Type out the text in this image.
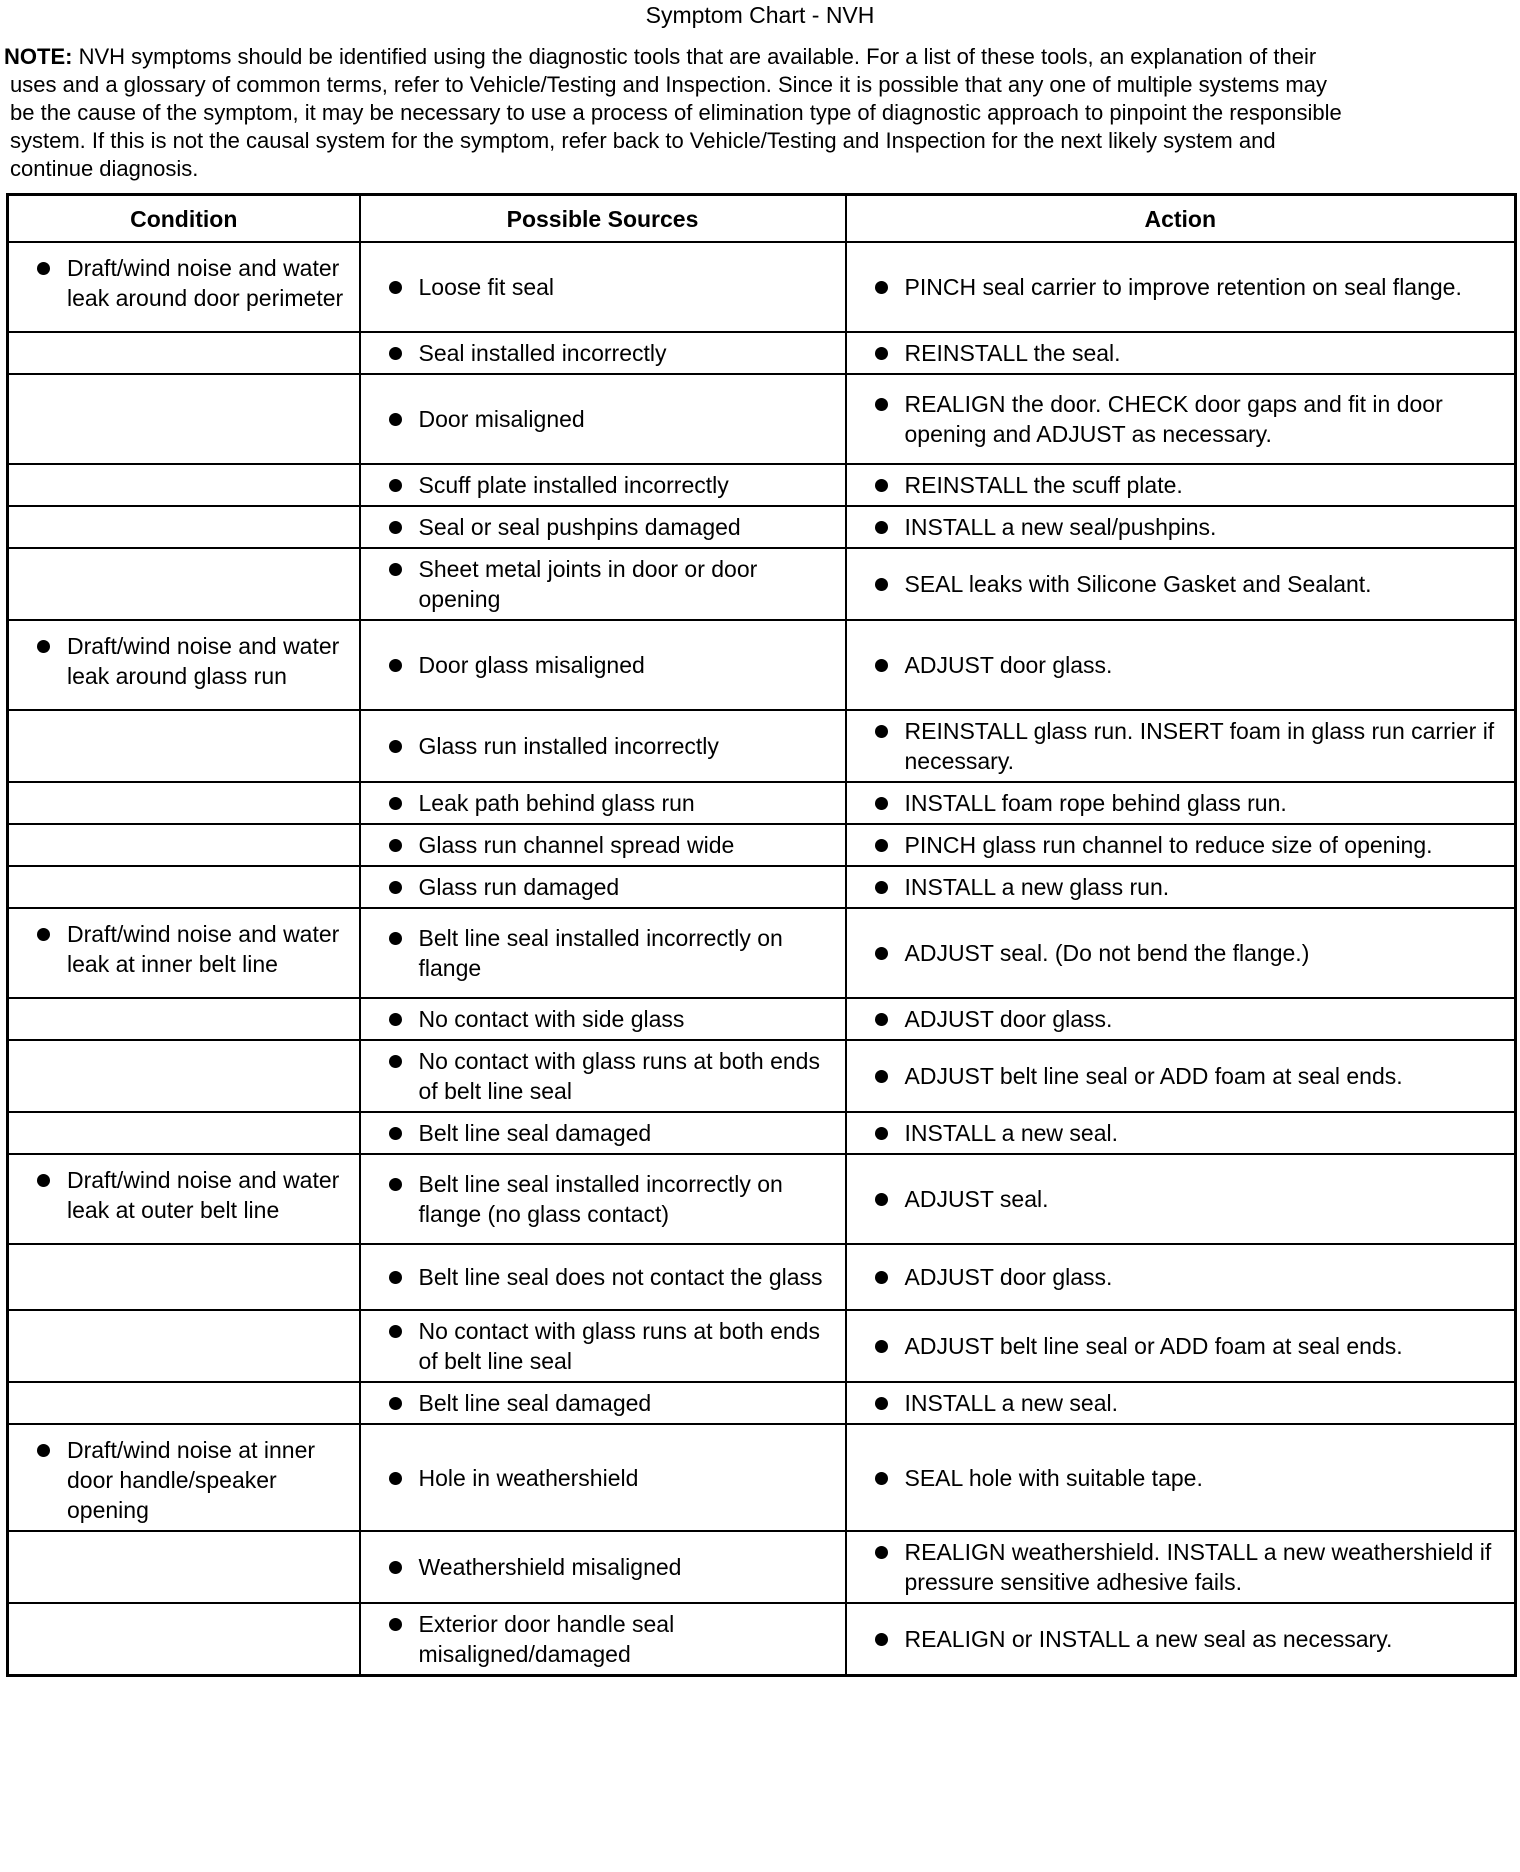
Symptom Chart - NVH
NOTE: NVH symptoms should be identified using the diagnostic tools that are available. For a list of these tools, an explanation of their
uses and a glossary of common terms, refer to Vehicle/Testing and Inspection. Since it is possible that any one of multiple systems may
be the cause of the symptom, it may be necessary to use a process of elimination type of diagnostic approach to pinpoint the responsible
system. If this is not the causal system for the symptom, refer back to Vehicle/Testing and Inspection for the next likely system and
continue diagnosis.
Condition	Possible Sources	Action

Draft/wind noise and water leak around door perimeter	Loose fit seal	PINCH seal carrier to improve retention on seal flange.

	Seal installed incorrectly	REINSTALL the seal.

	Door misaligned	REALIGN the door. CHECK door gaps and fit in door opening and ADJUST as necessary.

	Scuff plate installed incorrectly	REINSTALL the scuff plate.

	Seal or seal pushpins damaged	INSTALL a new seal/pushpins.

	Sheet metal joints in door or door opening	SEAL leaks with Silicone Gasket and Sealant.

Draft/wind noise and water leak around glass run	Door glass misaligned	ADJUST door glass.

	Glass run installed incorrectly	REINSTALL glass run. INSERT foam in glass run carrier if necessary.

	Leak path behind glass run	INSTALL foam rope behind glass run.

	Glass run channel spread wide	PINCH glass run channel to reduce size of opening.

	Glass run damaged	INSTALL a new glass run.

Draft/wind noise and water leak at inner belt line	Belt line seal installed incorrectly on flange	ADJUST seal. (Do not bend the flange.)

	No contact with side glass	ADJUST door glass.

	No contact with glass runs at both ends of belt line seal	ADJUST belt line seal or ADD foam at seal ends.

	Belt line seal damaged	INSTALL a new seal.

Draft/wind noise and water leak at outer belt line	Belt line seal installed incorrectly on flange (no glass contact)	ADJUST seal.

	Belt line seal does not contact the glass	ADJUST door glass.

	No contact with glass runs at both ends of belt line seal	ADJUST belt line seal or ADD foam at seal ends.

	Belt line seal damaged	INSTALL a new seal.

Draft/wind noise at inner door handle/speaker opening	Hole in weathershield	SEAL hole with suitable tape.

	Weathershield misaligned	REALIGN weathershield. INSTALL a new weathershield if pressure sensitive adhesive fails.

	Exterior door handle seal misaligned/damaged	REALIGN or INSTALL a new seal as necessary.
